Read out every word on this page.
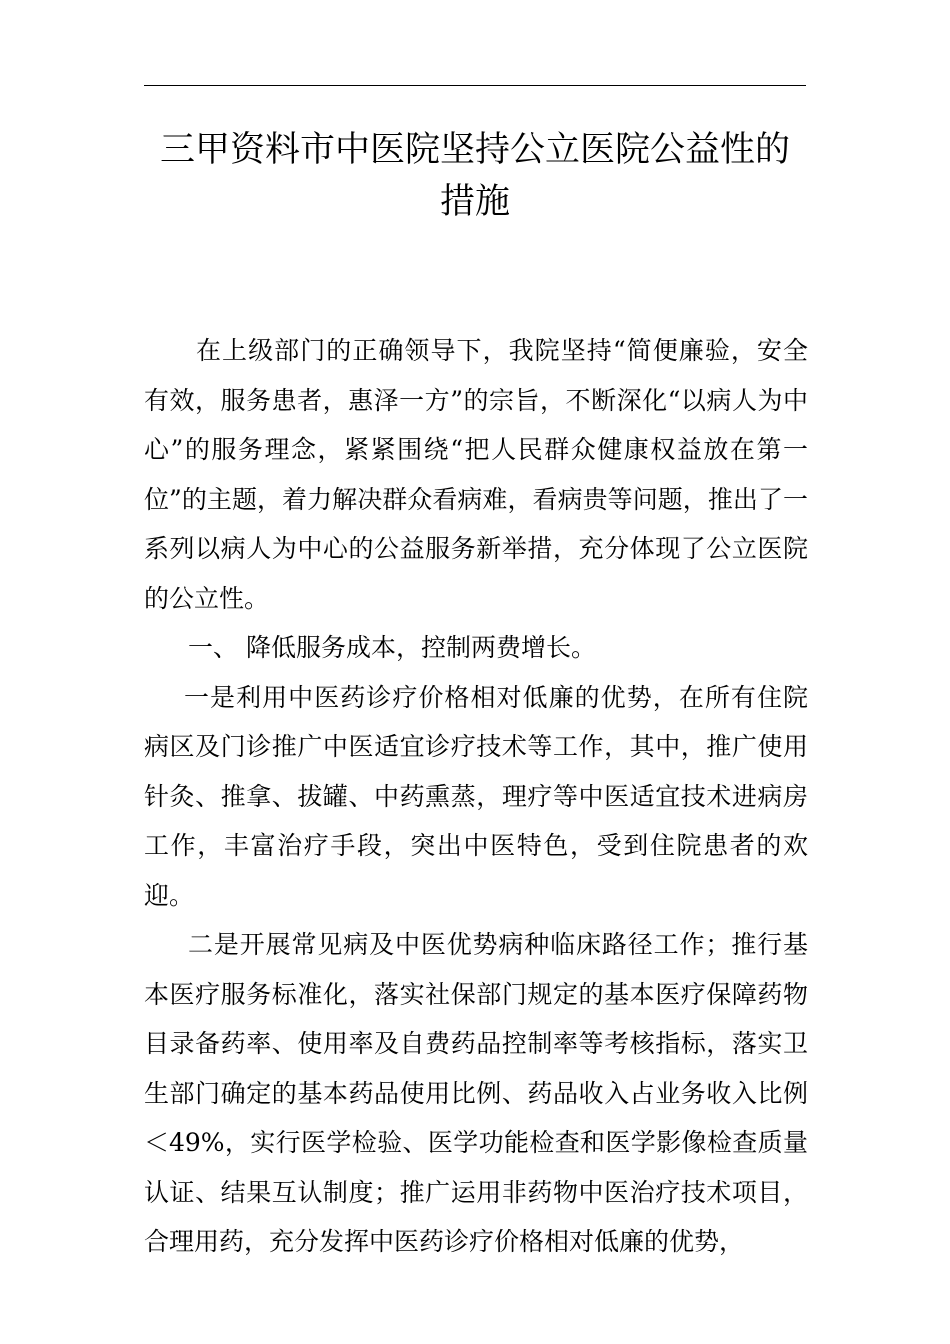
三甲资料市中医院坚持公立医院公益性的
措施

在上级部门的正确领导下，我院坚持“简便廉验，安全有效，服务患者，惠泽一方”的宗旨，不断深化“以病人为中心”的服务理念，紧紧围绕“把人民群众健康权益放在第一位”的主题，着力解决群众看病难，看病贵等问题，推出了一系列以病人为中心的公益服务新举措，充分体现了公立医院的公立性。

一、 降低服务成本，控制两费增长。

一是利用中医药诊疗价格相对低廉的优势，在所有住院病区及门诊推广中医适宜诊疗技术等工作，其中，推广使用针灸、推拿、拔罐、中药熏蒸，理疗等中医适宜技术进病房工作，丰富治疗手段，突出中医特色，受到住院患者的欢迎。

二是开展常见病及中医优势病种临床路径工作；推行基本医疗服务标准化，落实社保部门规定的基本医疗保障药物目录备药率、使用率及自费药品控制率等考核指标，落实卫生部门确定的基本药品使用比例、药品收入占业务收入比例＜49%，实行医学检验、医学功能检查和医学影像检查质量认证、结果互认制度；推广运用非药物中医治疗技术项目，合理用药，充分发挥中医药诊疗价格相对低廉的优势，
